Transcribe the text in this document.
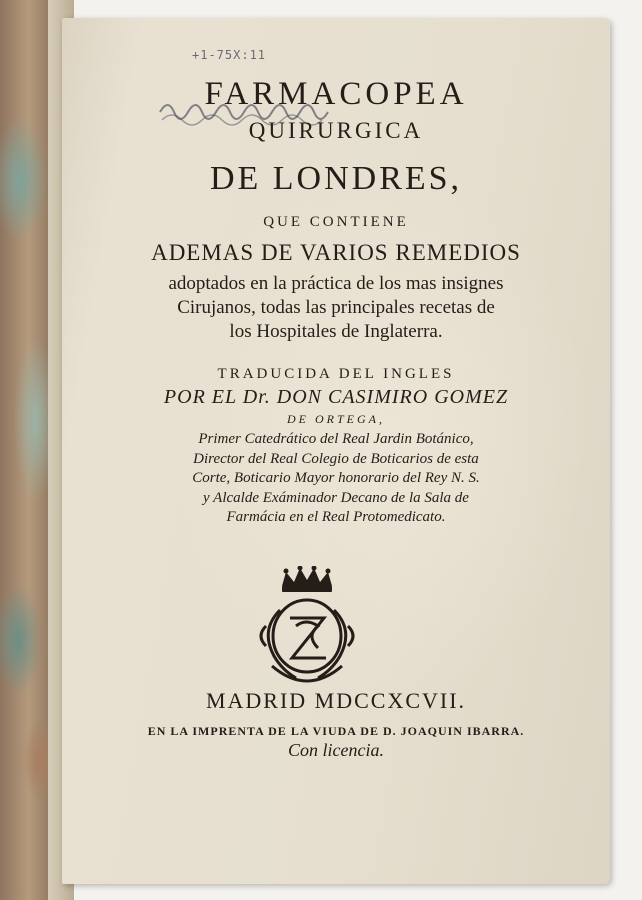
+1-75X:11
FARMACOPEA
QUIRURGICA
DE LONDRES,
QUE CONTIENE
ADEMAS DE VARIOS REMEDIOS
adoptados en la práctica de los mas insignes
Cirujanos, todas las principales recetas de
los Hospitales de Inglaterra.
TRADUCIDA DEL INGLES
POR EL Dr. DON CASIMIRO GOMEZ
DE ORTEGA,
Primer Catedrático del Real Jardin Botánico,
Director del Real Colegio de Boticarios de esta
Corte, Boticario Mayor honorario del Rey N. S.
y Alcalde Exáminador Decano de la Sala de
Farmácia en el Real Protomedicato.
MADRID MDCCXCVII.
EN LA IMPRENTA DE LA VIUDA DE D. JOAQUIN IBARRA.
Con licencia.
